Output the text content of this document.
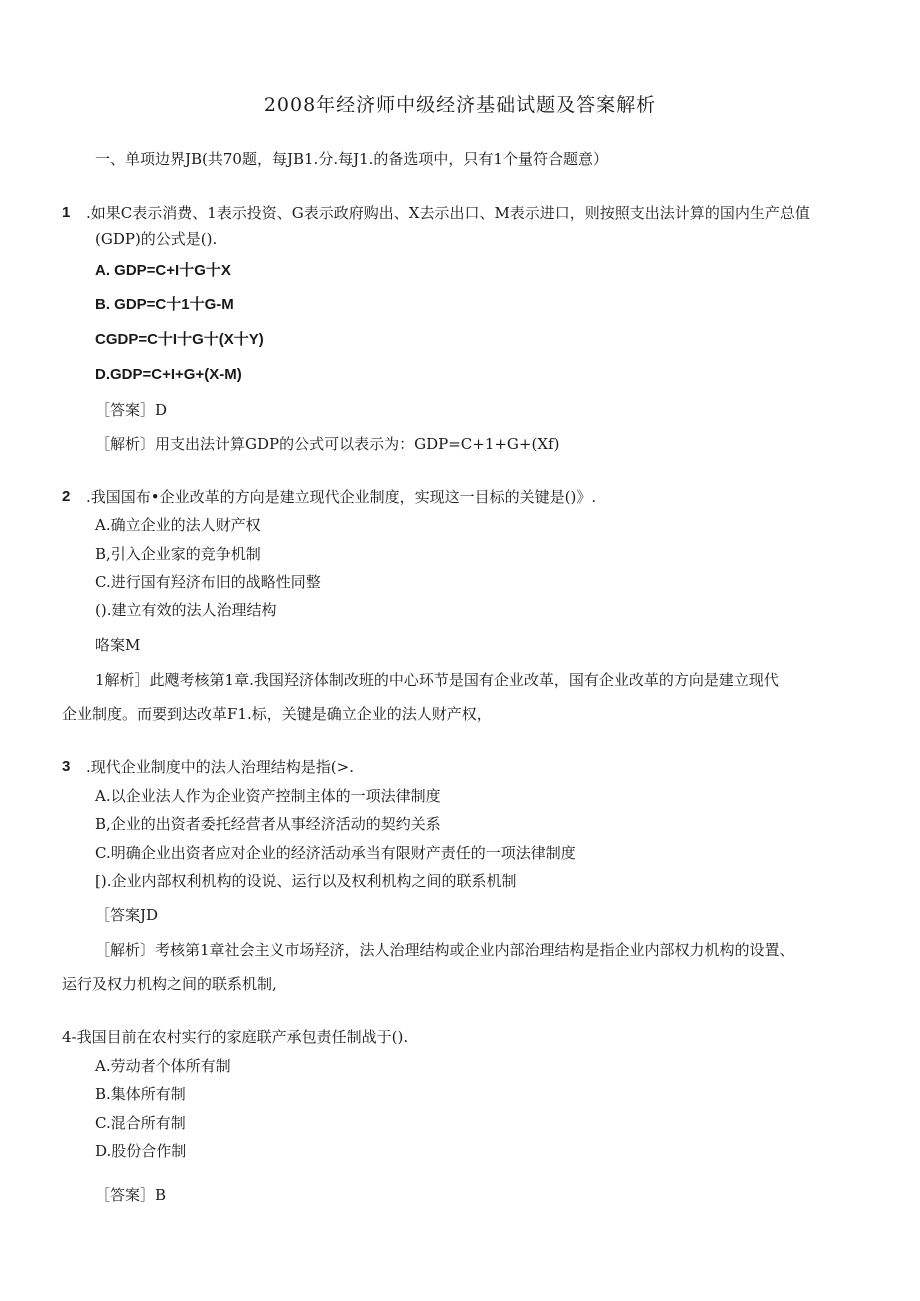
2008年经济师中级经济基础试题及答案解析
一、单项边界JB(共70题，每JB1.分.每J1.的备选项中，只有1个量符合题意）
1 .如果C表示消费、1表示投资、G表示政府购出、X去示出口、M表示进口，则按照支出法计算的国内生产总值
(GDP)的公式是().
A. GDP=C+I十G十X
B. GDP=C十1十G-M
CGDP=C十I十G十(X十Y)
D.GDP=C+I+G+(X-M)
［答案］D
［解析〕用支出法计算GDP的公式可以表示为：GDP=C+1+G+(Xf)
2 .我国国布•企业改革的方向是建立现代企业制度，实现这一目标的关键是()》.
A.确立企业的法人财产权
B,引入企业家的竞争机制
C.进行国有羟济布旧的战略性同整
().建立有效的法人治理结构
咯案M
1解析］此飕考核第1章.我国羟济体制改班的中心环节是国有企业改革，国有企业改革的方向是建立现代
企业制度。而要到达改革F1.标，关键是确立企业的法人财产权，
3 .现代企业制度中的法人治理结构是指(>.
A.以企业法人作为企业资产控制主体的一项法律制度
B,企业的出资者委托经营者从事经济活动的契约关系
C.明确企业出资者应对企业的经济活动承当有限财产责任的一项法律制度
[).企业内部权利机构的设说、运行以及权利机构之间的联系机制
［答案JD
［解析〕考核第1章社会主义市场羟济，法人治理结构或企业内部治理结构是指企业内部权力机构的设置、
运行及权力机构之间的联系机制,
4-我国目前在农村实行的家庭联产承包责任制战于().
A.劳动者个体所有制
B.集体所有制
C.混合所有制
D.股份合作制
［答案］B
